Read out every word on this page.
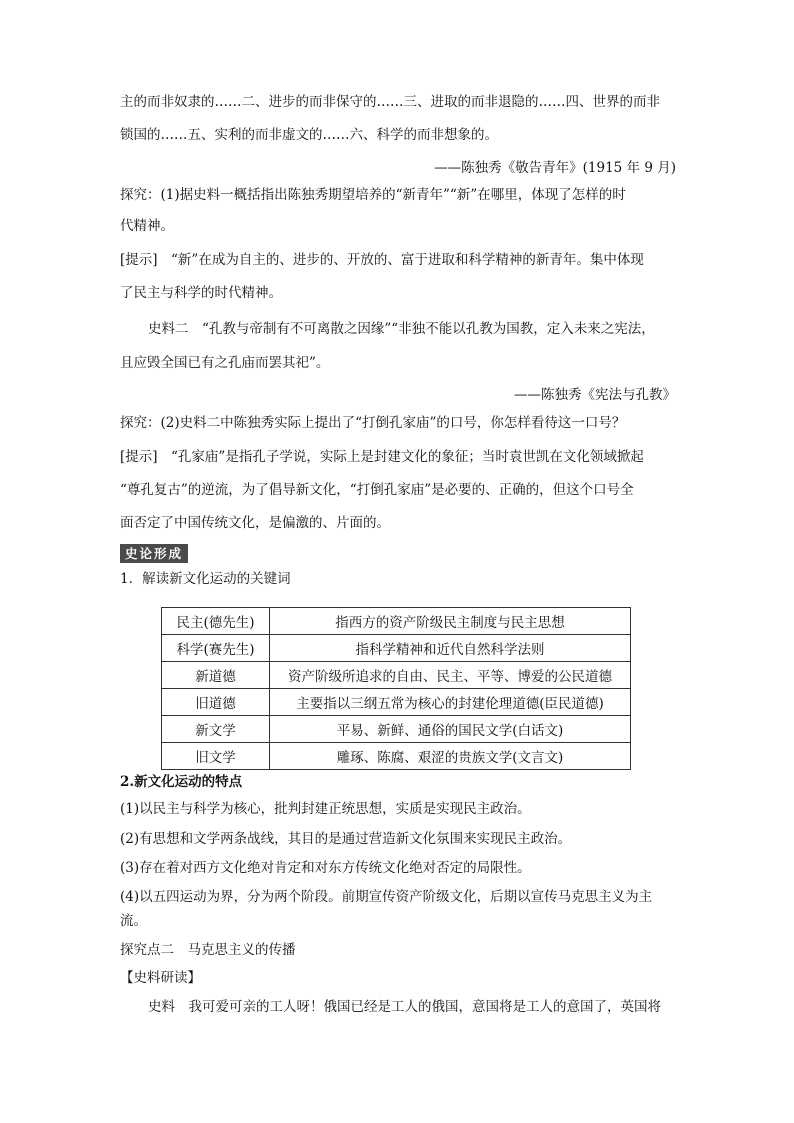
主的而非奴隶的……二、进步的而非保守的……三、进取的而非退隐的……四、世界的而非
锁国的……五、实利的而非虚文的……六、科学的而非想象的。
——陈独秀《敬告青年》(1915 年 9 月)
探究：(1)据史料一概括指出陈独秀期望培养的“新青年”“新”在哪里，体现了怎样的时
代精神。
[提示]　“新”在成为自主的、进步的、开放的、富于进取和科学精神的新青年。集中体现
了民主与科学的时代精神。
史料二　“孔教与帝制有不可离散之因缘”“非独不能以孔教为国教，定入未来之宪法，
且应毁全国已有之孔庙而罢其祀”。
——陈独秀《宪法与孔教》
探究：(2)史料二中陈独秀实际上提出了“打倒孔家庙”的口号，你怎样看待这一口号？
[提示]　“孔家庙”是指孔子学说，实际上是封建文化的象征；当时袁世凯在文化领域掀起
“尊孔复古”的逆流，为了倡导新文化，“打倒孔家庙”是必要的、正确的，但这个口号全
面否定了中国传统文化，是偏激的、片面的。
史论形成
1．解读新文化运动的关键词
民主(德先生)	指西方的资产阶级民主制度与民主思想
科学(赛先生)	指科学精神和近代自然科学法则
新道德	资产阶级所追求的自由、民主、平等、博爱的公民道德
旧道德	主要指以三纲五常为核心的封建伦理道德(臣民道德)
新文学	平易、新鲜、通俗的国民文学(白话文)
旧文学	雕琢、陈腐、艰涩的贵族文学(文言文)
2.新文化运动的特点
(1)以民主与科学为核心，批判封建正统思想，实质是实现民主政治。
(2)有思想和文学两条战线，其目的是通过营造新文化氛围来实现民主政治。
(3)存在着对西方文化绝对肯定和对东方传统文化绝对否定的局限性。
(4)以五四运动为界，分为两个阶段。前期宣传资产阶级文化，后期以宣传马克思主义为主
流。
探究点二　马克思主义的传播
【史料研读】
史料　我可爱可亲的工人呀！俄国已经是工人的俄国，意国将是工人的意国了，英国将
